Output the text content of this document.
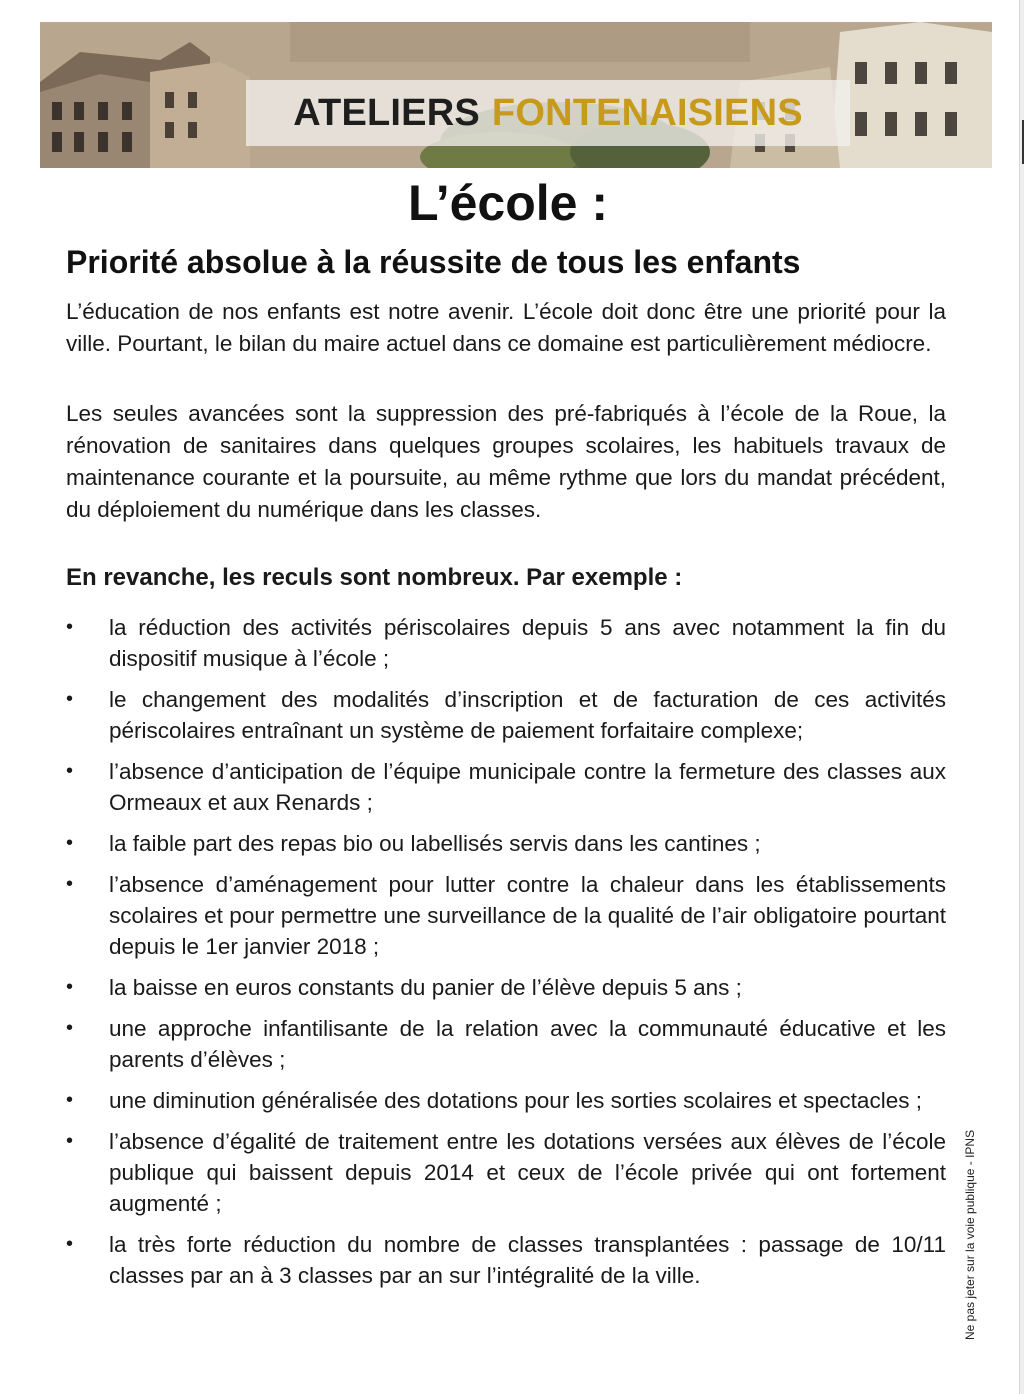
ATELIERS FONTENAISIENS
L’école :
Priorité absolue à la réussite de tous les enfants

L’éducation de nos enfants est notre avenir. L’école doit donc être une priorité pour la ville. Pourtant, le bilan du maire actuel dans ce domaine est particulièrement médiocre.

Les seules avancées sont la suppression des pré-fabriqués à l’école de la Roue, la rénovation de sanitaires dans quelques groupes scolaires, les habituels travaux de maintenance courante et la poursuite, au même rythme que lors du mandat précédent, du déploiement du numérique dans les classes.

En revanche, les reculs sont nombreux. Par exemple :
• la réduction des activités périscolaires depuis 5 ans avec notamment la fin du dispositif musique à l’école ;
• le changement des modalités d’inscription et de facturation de ces activités périscolaires entraînant un système de paiement forfaitaire complexe;
• l’absence d’anticipation de l’équipe municipale contre la fermeture des classes aux Ormeaux et aux Renards ;
• la faible part des repas bio ou labellisés servis dans les cantines ;
• l’absence d’aménagement pour lutter contre la chaleur dans les établissements scolaires et pour permettre une surveillance de la qualité de l’air obligatoire pourtant depuis le 1er janvier 2018 ;
• la baisse en euros constants du panier de l’élève depuis 5 ans ;
• une approche infantilisante de la relation avec la communauté éducative et les parents d’élèves ;
• une diminution généralisée des dotations pour les sorties scolaires et spectacles ;
• l’absence d’égalité de traitement entre les dotations versées aux élèves de l’école publique qui baissent depuis 2014 et ceux de l’école privée qui ont fortement augmenté ;
• la très forte réduction du nombre de classes transplantées : passage de 10/11 classes par an à 3 classes par an sur l’intégralité de la ville.	Ne pas jeter sur la voie publique - IPNS
